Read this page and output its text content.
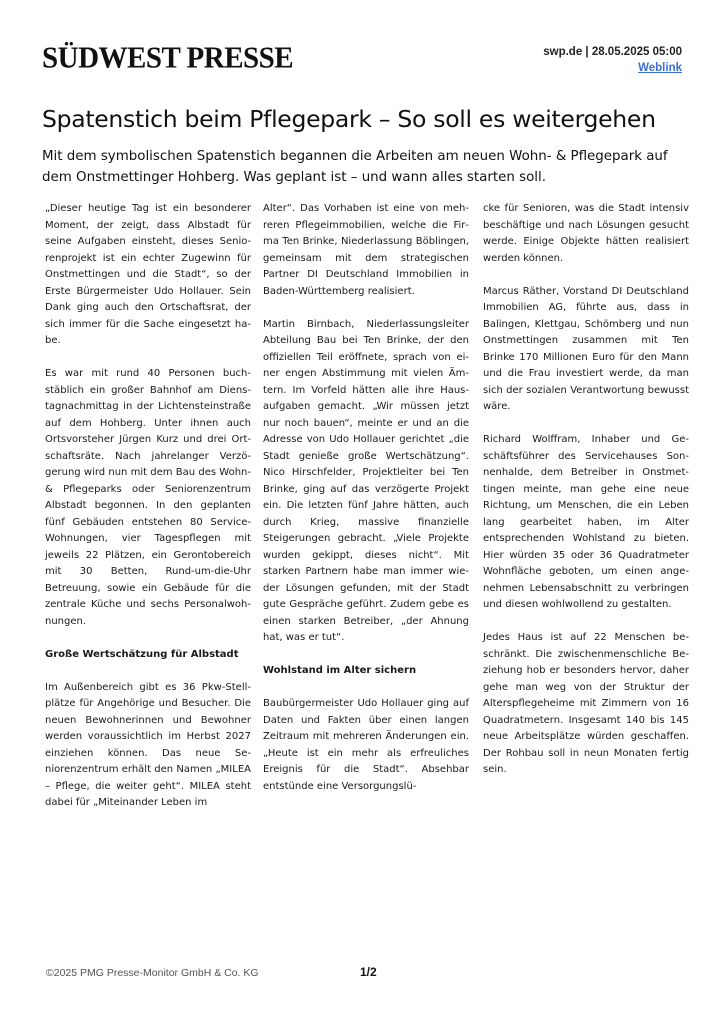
SÜDWEST PRESSE	swp.de | 28.05.2025 05:00
Weblink
Spatenstich beim Pflegepark – So soll es weitergehen

Mit dem symbolischen Spatenstich begannen die Arbeiten am neuen Wohn- & Pflegepark auf dem Onstmettinger Hohberg. Was geplant ist – und wann alles starten soll.

„Dieser heutige Tag ist ein besonderer Moment, der zeigt, dass Albstadt für seine Aufgaben einsteht, dieses Seniorenprojekt ist ein echter Zugewinn für Onstmettingen und die Stadt“, so der Erste Bürgermeister Udo Hollauer. Sein Dank ging auch den Ortschaftsrat, der sich immer für die Sache eingesetzt habe.

Es war mit rund 40 Personen buchstäblich ein großer Bahnhof am Dienstagnachmittag in der Lichtensteinstraße auf dem Hohberg. Unter ihnen auch Ortsvorsteher Jürgen Kurz und drei Ortschaftsräte. Nach jahrelanger Verzögerung wird nun mit dem Bau des Wohn- & Pflegeparks oder Seniorenzentrum Albstadt begonnen. In den geplanten fünf Gebäuden entstehen 80 Service-Wohnungen, vier Tagespflegen mit jeweils 22 Plätzen, ein Gerontobereich mit 30 Betten, Rund-um-die-Uhr Betreuung, sowie ein Gebäude für die zentrale Küche und sechs Personalwohnungen.

Große Wertschätzung für Albstadt

Im Außenbereich gibt es 36 Pkw-Stellplätze für Angehörige und Besucher. Die neuen Bewohnerinnen und Bewohner werden voraussichtlich im Herbst 2027 einziehen können. Das neue Seniorenzentrum erhält den Namen „MILEA – Pflege, die weiter geht“. MILEA steht dabei für „Miteinander Leben im

Alter“. Das Vorhaben ist eine von mehreren Pflegeimmobilien, welche die Firma Ten Brinke, Niederlassung Böblingen, gemeinsam mit dem strategischen Partner DI Deutschland Immobilien in Baden-Württemberg realisiert.

Martin Birnbach, Niederlassungsleiter Abteilung Bau bei Ten Brinke, der den offiziellen Teil eröffnete, sprach von einer engen Abstimmung mit vielen Ämtern. Im Vorfeld hätten alle ihre Hausaufgaben gemacht. „Wir müssen jetzt nur noch bauen“, meinte er und an die Adresse von Udo Hollauer gerichtet „die Stadt genieße große Wertschätzung“. Nico Hirschfelder, Projektleiter bei Ten Brinke, ging auf das verzögerte Projekt ein. Die letzten fünf Jahre hätten, auch durch Krieg, massive finanzielle Steigerungen gebracht. „Viele Projekte wurden gekippt, dieses nicht“. Mit starken Partnern habe man immer wieder Lösungen gefunden, mit der Stadt gute Gespräche geführt. Zudem gebe es einen starken Betreiber, „der Ahnung hat, was er tut“.

Wohlstand im Alter sichern

Baubürgermeister Udo Hollauer ging auf Daten und Fakten über einen langen Zeitraum mit mehreren Änderungen ein. „Heute ist ein mehr als erfreuliches Ereignis für die Stadt“. Absehbar entstünde eine Versorgungslü-

cke für Senioren, was die Stadt intensiv beschäftige und nach Lösungen gesucht werde. Einige Objekte hätten realisiert werden können.

Marcus Räther, Vorstand DI Deutschland Immobilien AG, führte aus, dass in Balingen, Klettgau, Schömberg und nun Onstmettingen zusammen mit Ten Brinke 170 Millionen Euro für den Mann und die Frau investiert werde, da man sich der sozialen Verantwortung bewusst wäre.

Richard Wolffram, Inhaber und Geschäftsführer des Servicehauses Sonnenhalde, dem Betreiber in Onstmettingen meinte, man gehe eine neue Richtung, um Menschen, die ein Leben lang gearbeitet haben, im Alter entsprechenden Wohlstand zu bieten. Hier würden 35 oder 36 Quadratmeter Wohnfläche geboten, um einen angenehmen Lebensabschnitt zu verbringen und diesen wohlwollend zu gestalten.

Jedes Haus ist auf 22 Menschen beschränkt. Die zwischenmenschliche Beziehung hob er besonders hervor, daher gehe man weg von der Struktur der Alterspflegeheime mit Zimmern von 16 Quadratmetern. Insgesamt 140 bis 145 neue Arbeitsplätze würden geschaffen. Der Rohbau soll in neun Monaten fertig sein.

©2025 PMG Presse-Monitor GmbH & Co. KG	1/2
